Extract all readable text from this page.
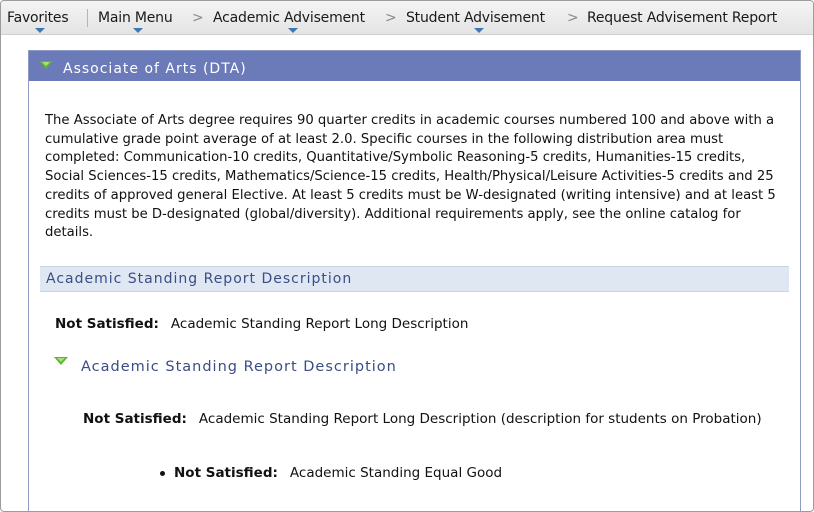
Favorites Main Menu > Academic Advisement > Student Advisement > Request Advisement Report
Associate of Arts (DTA)
The Associate of Arts degree requires 90 quarter credits in academic courses numbered 100 and above with a cumulative grade point average of at least 2.0. Specific courses in the following distribution area must completed: Communication-10 credits, Quantitative/Symbolic Reasoning-5 credits, Humanities-15 credits, Social Sciences-15 credits, Mathematics/Science-15 credits, Health/Physical/Leisure Activities-5 credits and 25 credits of approved general Elective. At least 5 credits must be W-designated (writing intensive) and at least 5 credits must be D-designated (global/diversity). Additional requirements apply, see the online catalog for details.
Academic Standing Report Description
Not Satisfied: Academic Standing Report Long Description
Academic Standing Report Description
Not Satisfied: Academic Standing Report Long Description (description for students on Probation)
Not Satisfied: Academic Standing Equal Good
